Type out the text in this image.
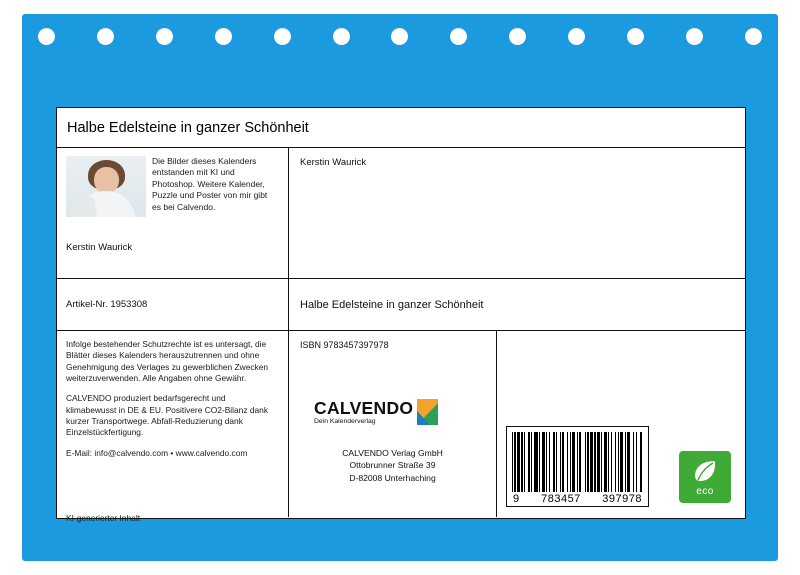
Halbe Edelsteine in ganzer Schönheit
Die Bilder dieses Kalenders entstanden mit KI und Photoshop. Weitere Kalender, Puzzle und Poster von mir gibt es bei Calvendo.
Kerstin Waurick
Kerstin Waurick
Artikel-Nr. 1953308	Halbe Edelsteine in ganzer Schönheit

Infolge bestehender Schutzrechte ist es untersagt, die Blätter dieses Kalenders herauszutrennen und ohne Genehmigung des Verlages zu gewerblichen Zwecken weiterzuverwenden. Alle Angaben ohne Gewähr.

CALVENDO produziert bedarfsgerecht und klimabewusst in DE & EU. Positivere CO2-Bilanz dank kurzer Transportwege. Abfall-Reduzierung dank Einzelstückfertigung.

E-Mail: info@calvendo.com • www.calvendo.com

KI-generierter Inhalt
ISBN 9783457397978
CALVENDO
Dein Kalenderverlag
CALVENDO Verlag GmbH
Ottobrunner Straße 39
D-82008 Unterhaching
9 783457 397978
eco
